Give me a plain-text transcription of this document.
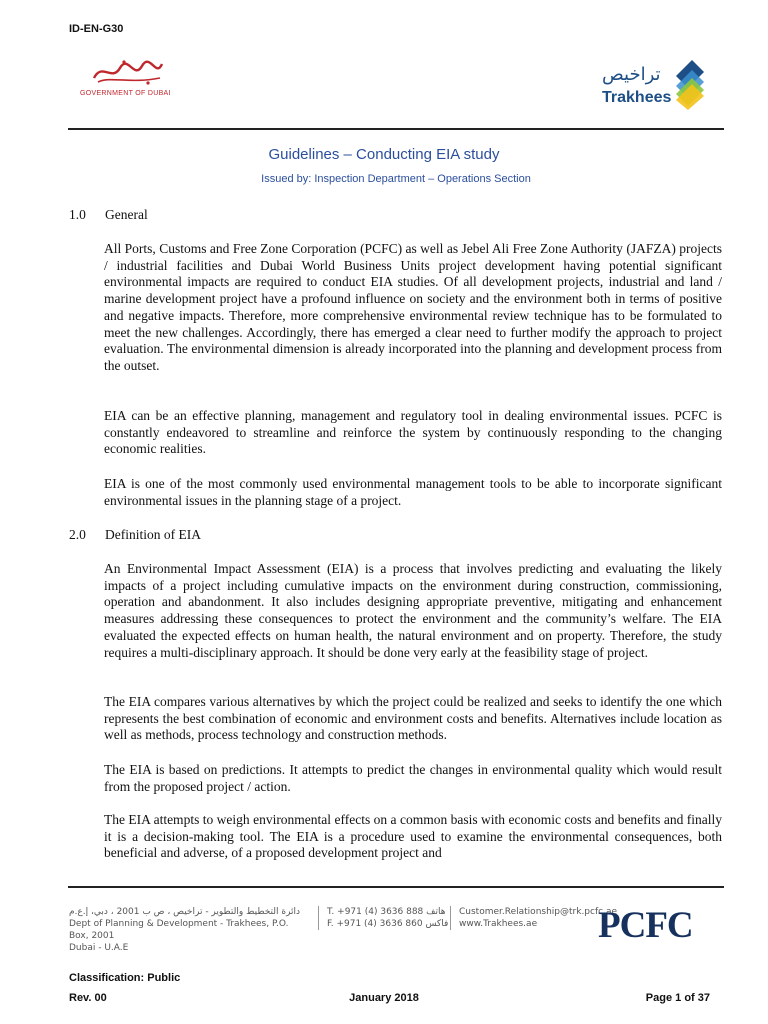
ID-EN-G30
GOVERNMENT OF DUBAI
تراخيص
Trakhees
Guidelines – Conducting EIA study
Issued by: Inspection Department – Operations Section
1.0 General
All Ports, Customs and Free Zone Corporation (PCFC) as well as Jebel Ali Free Zone Authority (JAFZA) projects / industrial facilities and Dubai World Business Units project development having potential significant environmental impacts are required to conduct EIA studies. Of all development projects, industrial and land / marine development project have a profound influence on society and the environment both in terms of positive and negative impacts. Therefore, more comprehensive environmental review technique has to be formulated to meet the new challenges. Accordingly, there has emerged a clear need to further modify the approach to project evaluation. The environmental dimension is already incorporated into the planning and development process from the outset.
EIA can be an effective planning, management and regulatory tool in dealing environmental issues. PCFC is constantly endeavored to streamline and reinforce the system by continuously responding to the changing economic realities.
EIA is one of the most commonly used environmental management tools to be able to incorporate significant environmental issues in the planning stage of a project.
2.0 Definition of EIA
An Environmental Impact Assessment (EIA) is a process that involves predicting and evaluating the likely impacts of a project including cumulative impacts on the environment during construction, commissioning, operation and abandonment. It also includes designing appropriate preventive, mitigating and enhancement measures addressing these consequences to protect the environment and the community’s welfare. The EIA evaluated the expected effects on human health, the natural environment and on property. Therefore, the study requires a multi-disciplinary approach. It should be done very early at the feasibility stage of project.
The EIA compares various alternatives by which the project could be realized and seeks to identify the one which represents the best combination of economic and environment costs and benefits. Alternatives include location as well as methods, process technology and construction methods.
The EIA is based on predictions. It attempts to predict the changes in environmental quality which would result from the proposed project / action.
The EIA attempts to weigh environmental effects on a common basis with economic costs and benefits and finally it is a decision-making tool. The EIA is a procedure used to examine the environmental consequences, both beneficial and adverse, of a proposed development project and
دائرة التخطيط والتطوير - تراخيص ، ص ب 2001 ، دبي، إ.ع.م
Dept of Planning & Development - Trakhees, P.O. Box, 2001
Dubai - U.A.E
T. +971 (4) 3636 888 هاتف
F. +971 (4) 3636 860 فاكس
Customer.Relationship@trk.pcfc.ae
www.Trakhees.ae	PCFC
Classification: Public
Rev. 00	January 2018	Page 1 of 37
